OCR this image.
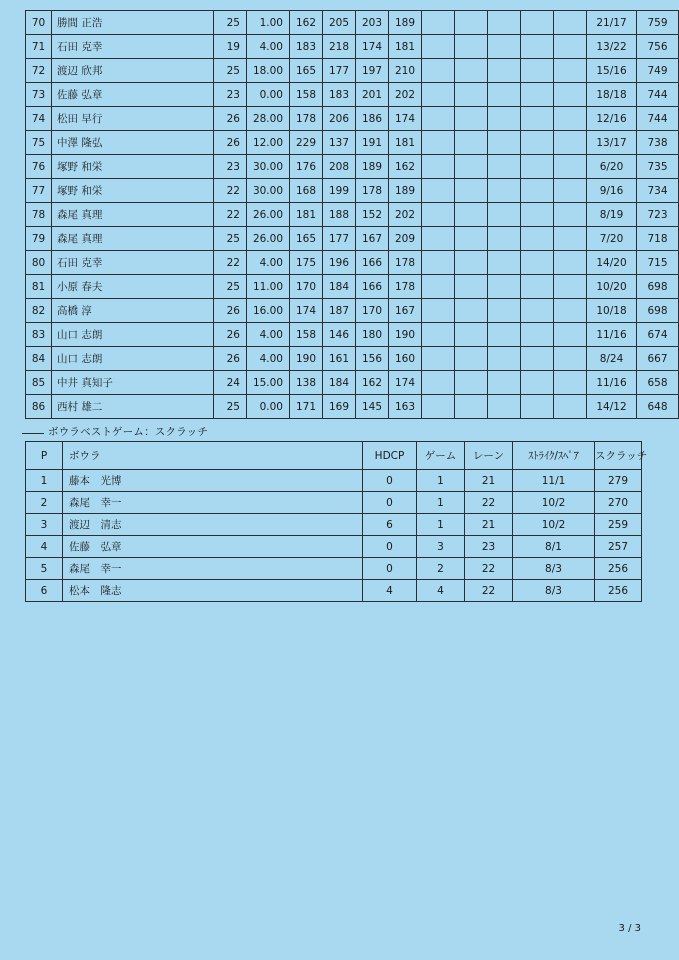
70	勝間 正浩	25	1.00	162	205	203	189						21/17	759
71	石田 克幸	19	4.00	183	218	174	181						13/22	756
72	渡辺 欣邦	25	18.00	165	177	197	210						15/16	749
73	佐藤 弘章	23	0.00	158	183	201	202						18/18	744
74	松田 早行	26	28.00	178	206	186	174						12/16	744
75	中澤 隆弘	26	12.00	229	137	191	181						13/17	738
76	塚野 和栄	23	30.00	176	208	189	162						6/20	735
77	塚野 和栄	22	30.00	168	199	178	189						9/16	734
78	森尾 真理	22	26.00	181	188	152	202						8/19	723
79	森尾 真理	25	26.00	165	177	167	209						7/20	718
80	石田 克幸	22	4.00	175	196	166	178						14/20	715
81	小原 春夫	25	11.00	170	184	166	178						10/20	698
82	高橋 淳	26	16.00	174	187	170	167						10/18	698
83	山口 志朗	26	4.00	158	146	180	190						11/16	674
84	山口 志朗	26	4.00	190	161	156	160						8/24	667
85	中井 真知子	24	15.00	138	184	162	174						11/16	658
86	西村 雄二	25	0.00	171	169	145	163						14/12	648
ボウラベストゲーム：スクラッチ
P	ボウラ	HDCP	ゲーム	レーン	ｽﾄﾗｲｸ/ｽﾍﾟｱ	スクラッチ
1	藤本　光博	0	1	21	11/1	279
2	森尾　幸一	0	1	22	10/2	270
3	渡辺　清志	6	1	21	10/2	259
4	佐藤　弘章	0	3	23	8/1	257
5	森尾　幸一	0	2	22	8/3	256
6	松本　隆志	4	4	22	8/3	256
3 / 3
